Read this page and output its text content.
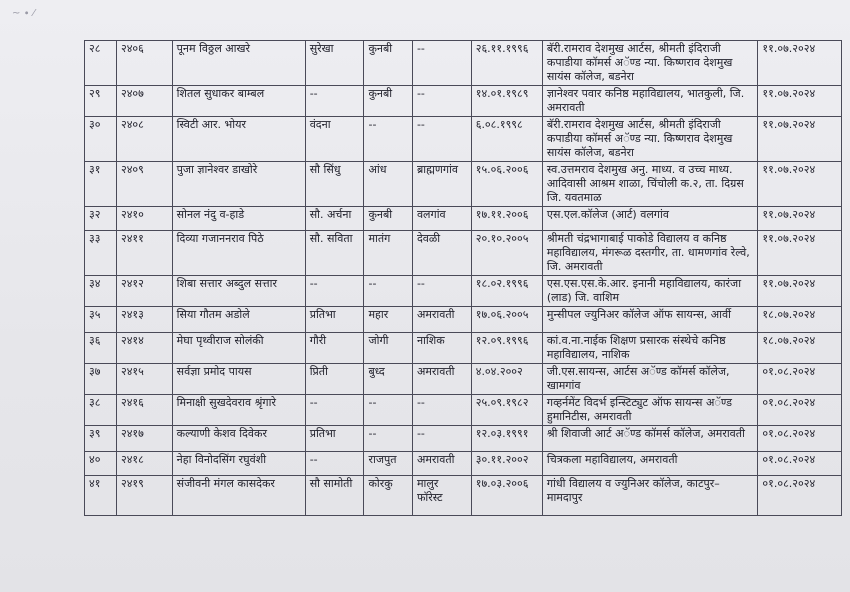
~ ∙ ⁄
२८	२४०६	पूनम विठ्ठल आखरे	सुरेखा	कुनबी	--	२६.११.१९९६	बॅरी.रामराव देशमुख आर्टस, श्रीमती इंदिराजी कपाडीया कॉमर्स अॅण्ड न्या. किष्णराव देशमुख सायंस कॉलेज, बडनेरा	११.०७.२०२४
२९	२४०७	शितल सुधाकर बाम्बल	--	कुनबी	--	१४.०१.१९८९	ज्ञानेश्वर पवार कनिष्ठ महाविद्यालय, भातकुली, जि. अमरावती	११.०७.२०२४
३०	२४०८	स्विटी आर. भोयर	वंदना	--	--	६.०८.१९९८	बॅरी.रामराव देशमुख आर्टस, श्रीमती इंदिराजी कपाडीया कॉमर्स अॅण्ड न्या. किष्णराव देशमुख सायंस कॉलेज, बडनेरा	११.०७.२०२४
३१	२४०९	पुजा ज्ञानेश्वर डाखोरे	सौ सिंधु	आंध	ब्राह्मणगांव	१५.०६.२००६	स्व.उत्तमराव देशमुख अनु. माध्य. व उच्च माध्य. आदिवासी आश्रम शाळा, चिंचोली क.२, ता. दिग्रस जि. यवतमाळ	११.०७.२०२४
३२	२४१०	सोनल नंदु व-हाडे	सौ. अर्चना	कुनबी	वलगांव	१७.११.२००६	एस.एल.कॉलेज (आर्ट) वलगांव	११.०७.२०२४
३३	२४११	दिव्या गजाननराव पिठे	सौ. सविता	मातंग	देवळी	२०.१०.२००५	श्रीमती चंद्रभागाबाई पाकोडे विद्यालय व कनिष्ठ महाविद्यालय, मंगरूळ दस्तगीर, ता. धामणगांव रेल्वे, जि. अमरावती	११.०७.२०२४
३४	२४१२	शिबा सत्तार अब्दुल सत्तार	--	--	--	१८.०२.१९९६	एस.एस.एस.के.आर. इनानी महाविद्यालय, कारंजा (लाड) जि. वाशिम	११.०७.२०२४
३५	२४१३	सिया गौतम अडोले	प्रतिभा	महार	अमरावती	१७.०६.२००५	मुन्सीपल ज्युनिअर कॉलेज ऑफ सायन्स, आर्वी	१८.०७.२०२४
३६	२४१४	मेघा पृथ्वीराज सोलंकी	गौरी	जोगी	नाशिक	१२.०९.१९९६	कां.व.ना.नाईक शिक्षण प्रसारक संस्थेचे कनिष्ठ महाविद्यालय, नाशिक	१८.०७.२०२४
३७	२४१५	सर्वज्ञा प्रमोद पायस	प्रिती	बुध्द	अमरावती	४.०४.२००२	जी.एस.सायन्स, आर्टस अॅण्ड कॉमर्स कॉलेज, खामगांव	०१.०८.२०२४
३८	२४१६	मिनाक्षी सुखदेवराव श्रृंगारे	--	--	--	२५.०९.१९८२	गव्हर्नमेंट विदर्भ इन्स्टिट्युट ऑफ सायन्स अॅण्ड हुमानिटीस, अमरावती	०१.०८.२०२४
३९	२४१७	कल्याणी केशव दिवेकर	प्रतिभा	--	--	१२.०३.१९९१	श्री शिवाजी आर्ट अॅण्ड कॉमर्स कॉलेज, अमरावती	०१.०८.२०२४
४०	२४१८	नेहा विनोदसिंग रघुवंशी	--	राजपुत	अमरावती	३०.११.२००२	चित्रकला महाविद्यालय, अमरावती	०१.०८.२०२४
४१	२४१९	संजीवनी मंगल कासदेकर	सौ सामोती	कोरकु	मालुर फॉरेस्ट	१७.०३.२००६	गांधी विद्यालय व ज्युनिअर कॉलेज, काटपुर–मामदापुर	०१.०८.२०२४
